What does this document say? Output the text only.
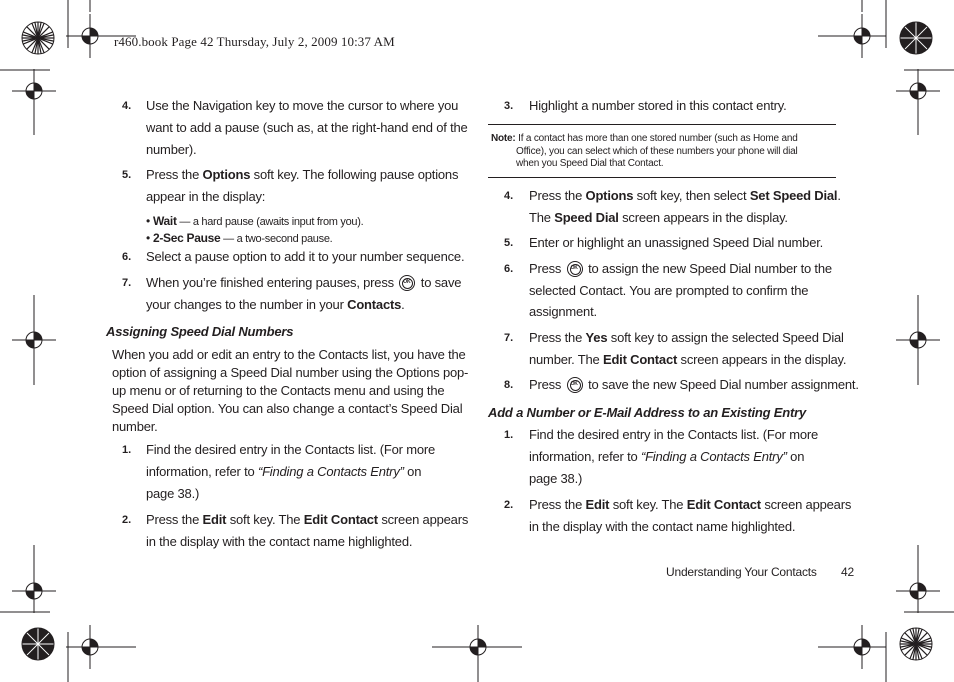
r460.book Page 42 Thursday, July 2, 2009 10:37 AM
4. Use the Navigation key to move the cursor to where you
want to add a pause (such as, at the right-hand end of the
number).
5. Press the Options soft key. The following pause options
appear in the display:
• Wait — a hard pause (awaits input from you).
• 2-Sec Pause — a two-second pause.
6. Select a pause option to add it to your number sequence.
7. When you’re finished entering pauses, press	OK to save
your changes to the number in your Contacts.
Assigning Speed Dial Numbers
When you add or edit an entry to the Contacts list, you have the
option of assigning a Speed Dial number using the Options pop-
up menu or of returning to the Contacts menu and using the
Speed Dial option. You can also change a contact’s Speed Dial
number.
1. Find the desired entry in the Contacts list. (For more
information, refer to “Finding a Contacts Entry” on
page 38.)
2. Press the Edit soft key. The Edit Contact screen appears
in the display with the contact name highlighted.
3. Highlight a number stored in this contact entry.
Note: If a contact has more than one stored number (such as Home and
Office), you can select which of these numbers your phone will dial
when you Speed Dial that Contact.
4. Press the Options soft key, then select Set Speed Dial.
The Speed Dial screen appears in the display.
5. Enter or highlight an unassigned Speed Dial number.
6. Press	OK to assign the new Speed Dial number to the
selected Contact. You are prompted to confirm the
assignment.
7. Press the Yes soft key to assign the selected Speed Dial
number. The Edit Contact screen appears in the display.
8. Press	OK to save the new Speed Dial number assignment.
Add a Number or E-Mail Address to an Existing Entry
1. Find the desired entry in the Contacts list. (For more
information, refer to “Finding a Contacts Entry” on
page 38.)
2. Press the Edit soft key. The Edit Contact screen appears
in the display with the contact name highlighted.
Understanding Your Contacts 42
